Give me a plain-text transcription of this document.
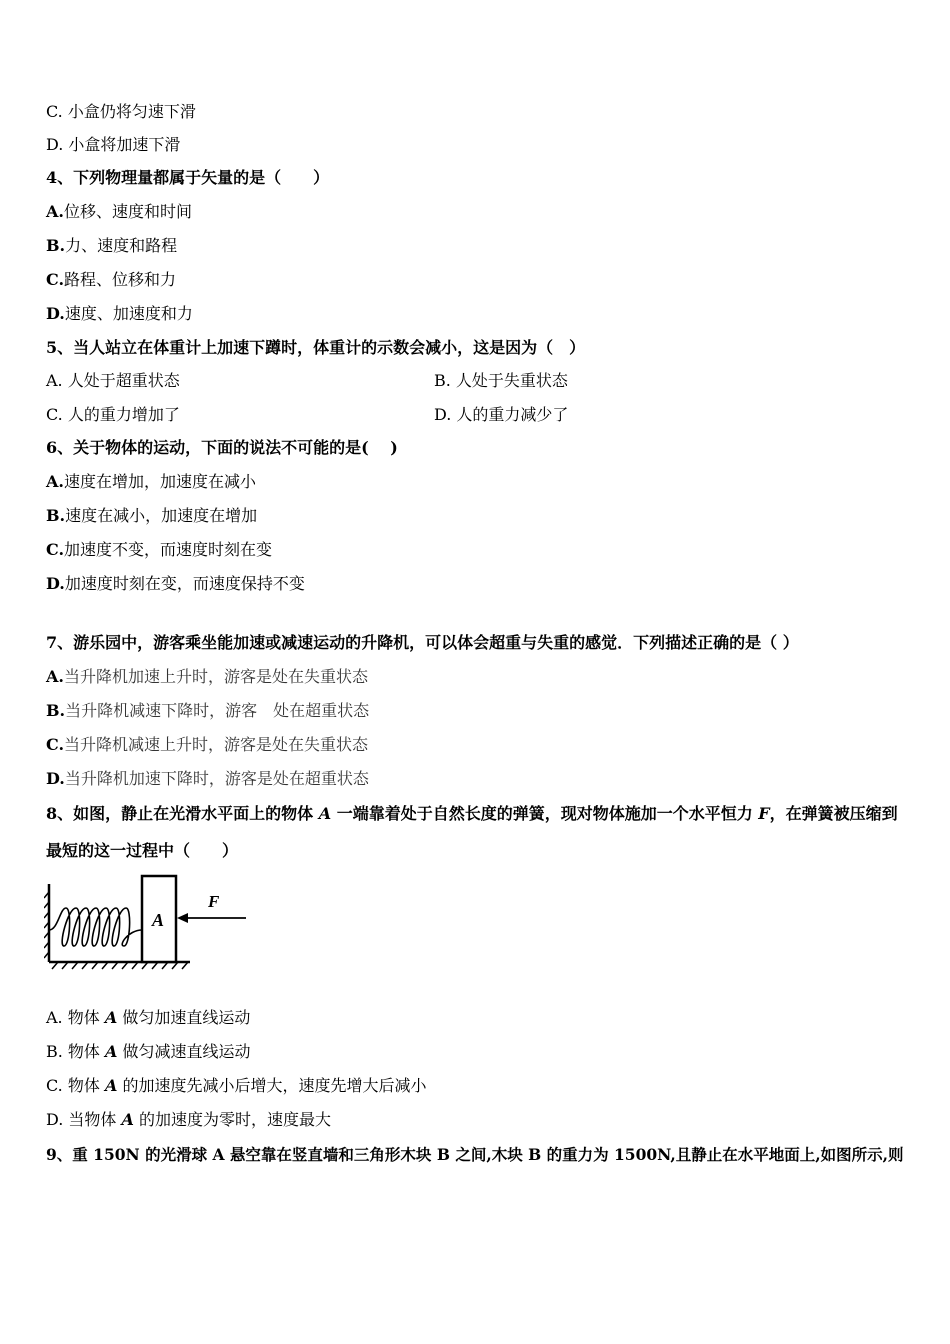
C. 小盒仍将匀速下滑
D. 小盒将加速下滑
4、下列物理量都属于矢量的是（　　）
A.位移、速度和时间
B.力、速度和路程
C.路程、位移和力
D.速度、加速度和力
5、当人站立在体重计上加速下蹲时，体重计的示数会减小，这是因为（　）
A. 人处于超重状态	B. 人处于失重状态
C. 人的重力增加了	D. 人的重力减少了
6、关于物体的运动，下面的说法不可能的是(　 )
A.速度在增加，加速度在减小
B.速度在减小，加速度在增加
C.加速度不变，而速度时刻在变
D.加速度时刻在变，而速度保持不变
7、游乐园中，游客乘坐能加速或减速运动的升降机，可以体会超重与失重的感觉．下列描述正确的是（ ）
A.当升降机加速上升时，游客是处在失重状态
B.当升降机减速下降时，游客　处在超重状态
C.当升降机减速上升时，游客是处在失重状态
D.当升降机加速下降时，游客是处在超重状态
8、如图，静止在光滑水平面上的物体 A 一端靠着处于自然长度的弹簧，现对物体施加一个水平恒力 F，在弹簧被压缩到
最短的这一过程中（　　）
A
F
A. 物体 A 做匀加速直线运动
B. 物体 A 做匀减速直线运动
C. 物体 A 的加速度先减小后增大，速度先增大后减小
D. 当物体 A 的加速度为零时，速度最大
9、重 150N 的光滑球 A 悬空靠在竖直墙和三角形木块 B 之间,木块 B 的重力为 1500N,且静止在水平地面上,如图所示,则
